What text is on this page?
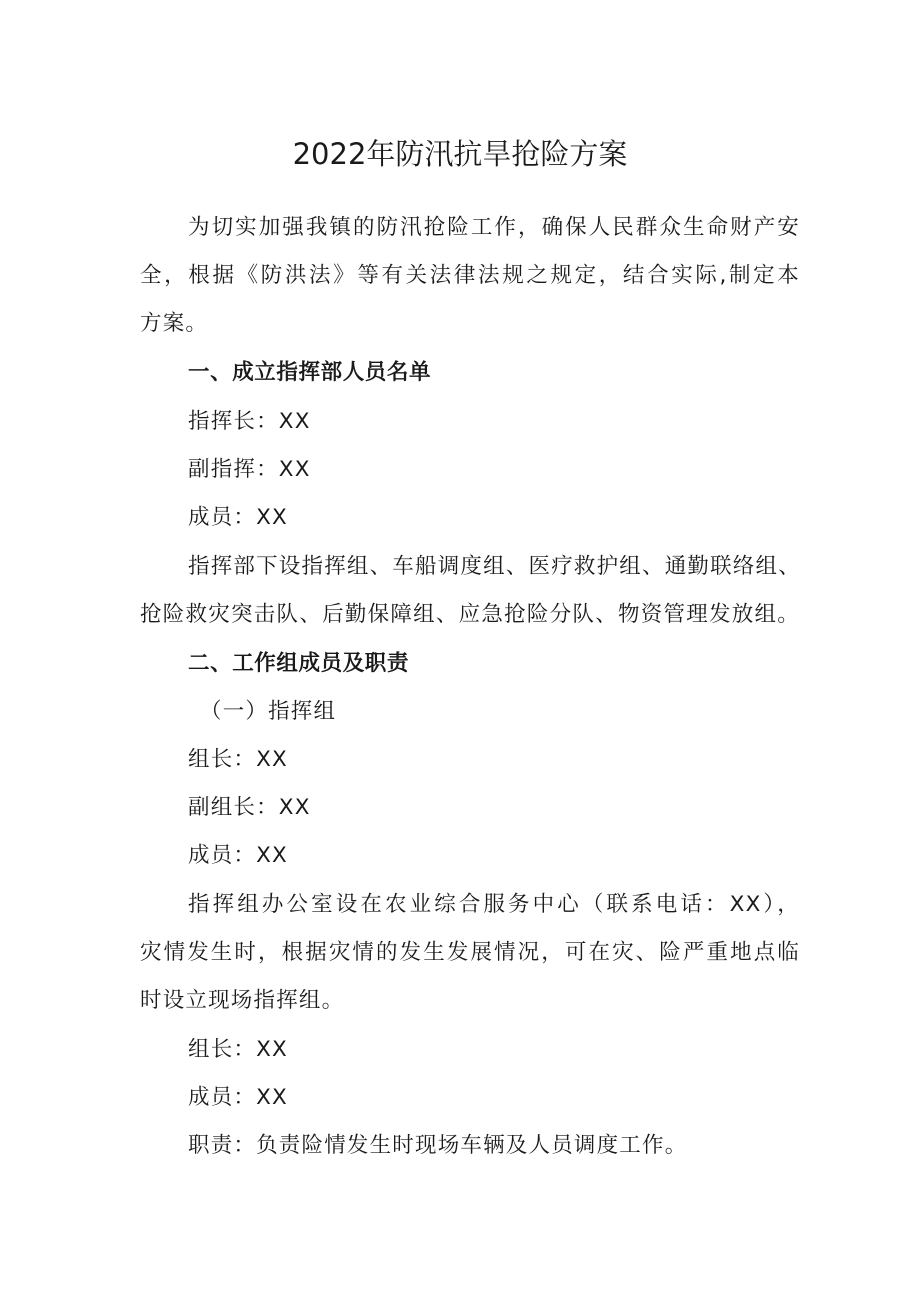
2022年防汛抗旱抢险方案

为切实加强我镇的防汛抢险工作，确保人民群众生命财产安

全，根据《防洪法》等有关法律法规之规定，结合实际,制定本

方案。

一、成立指挥部人员名单

指挥长：XX

副指挥：XX

成员：XX

指挥部下设指挥组、车船调度组、医疗救护组、通勤联络组、

抢险救灾突击队、后勤保障组、应急抢险分队、物资管理发放组。

二、工作组成员及职责

（一）指挥组

组长：XX

副组长：XX

成员：XX

指挥组办公室设在农业综合服务中心（联系电话：XX），

灾情发生时，根据灾情的发生发展情况，可在灾、险严重地点临

时设立现场指挥组。

组长：XX

成员：XX

职责：负责险情发生时现场车辆及人员调度工作。
